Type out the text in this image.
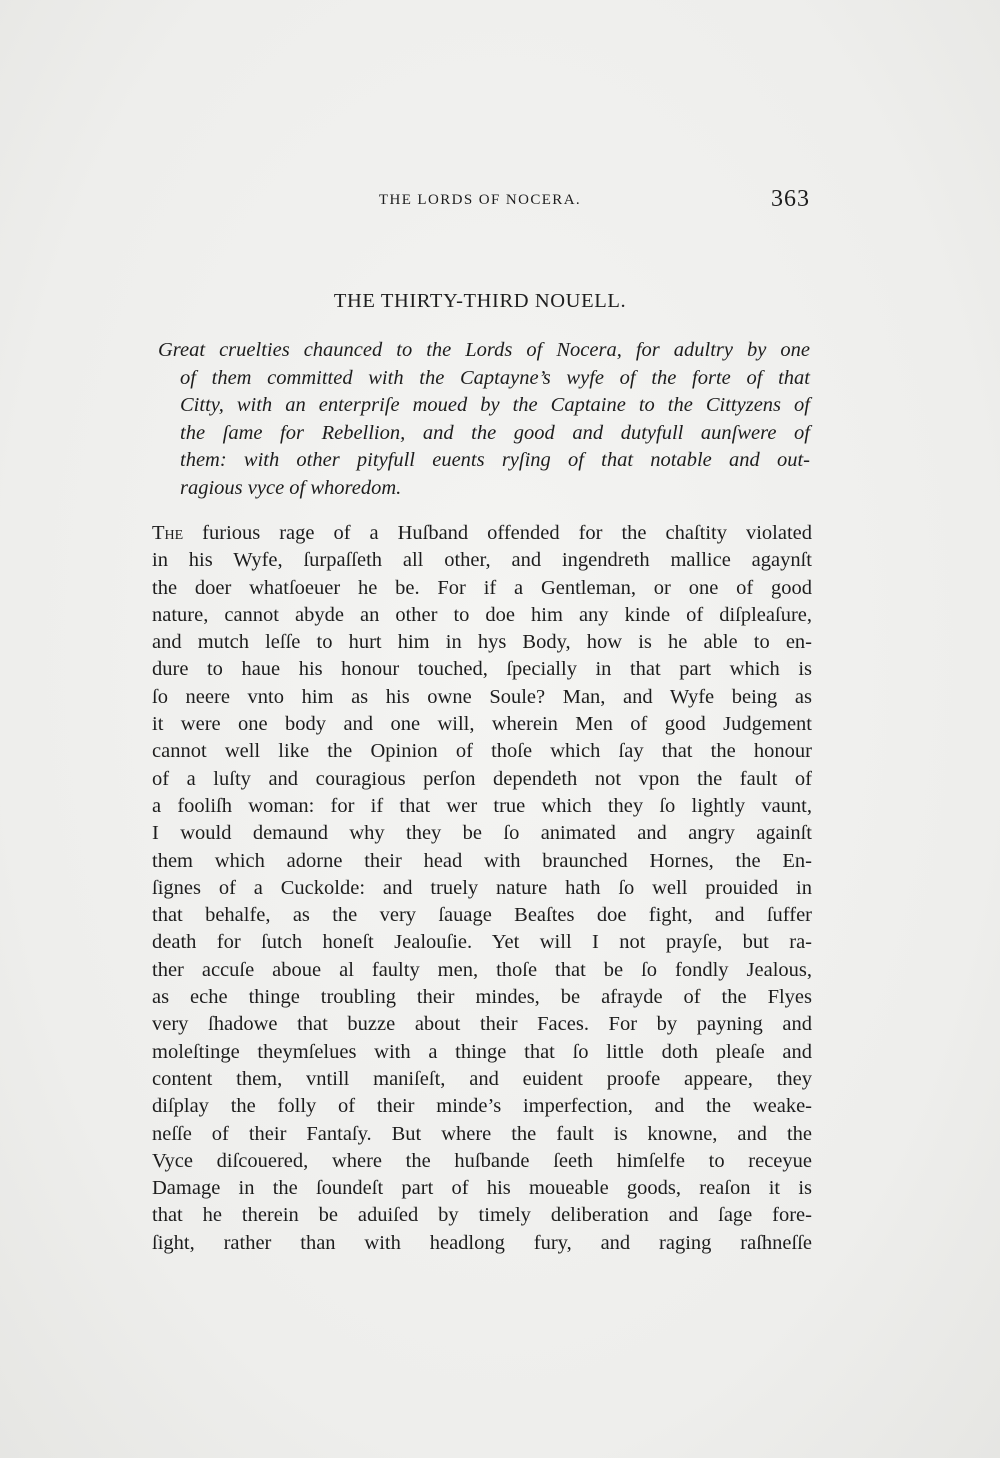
THE LORDS OF NOCERA.	363
THE THIRTY-THIRD NOUELL.
Great cruelties chaunced to the Lords of Nocera, for adultry by one
of them committed with the Captayne’s wyfe of the forte of that
Citty, with an enterpriſe moued by the Captaine to the Cittyzens of
the ſame for Rebellion, and the good and dutyfull aunſwere of
them: with other pityfull euents ryſing of that notable and out-
ragious vyce of whoredom.
The furious rage of a Huſband offended for the chaſtity violated
in his Wyfe, ſurpaſſeth all other, and ingendreth mallice agaynſt
the doer whatſoeuer he be. For if a Gentleman, or one of good
nature, cannot abyde an other to doe him any kinde of diſpleaſure,
and mutch leſſe to hurt him in hys Body, how is he able to en-
dure to haue his honour touched, ſpecially in that part which is
ſo neere vnto him as his owne Soule? Man, and Wyfe being as
it were one body and one will, wherein Men of good Judgement
cannot well like the Opinion of thoſe which ſay that the honour
of a luſty and couragious perſon dependeth not vpon the fault of
a fooliſh woman: for if that wer true which they ſo lightly vaunt,
I would demaund why they be ſo animated and angry againſt
them which adorne their head with braunched Hornes, the En-
ſignes of a Cuckolde: and truely nature hath ſo well prouided in
that behalfe, as the very ſauage Beaſtes doe fight, and ſuffer
death for ſutch honeſt Jealouſie. Yet will I not prayſe, but ra-
ther accuſe aboue al faulty men, thoſe that be ſo fondly Jealous,
as eche thinge troubling their mindes, be afrayde of the Flyes
very ſhadowe that buzze about their Faces. For by payning and
moleſtinge theymſelues with a thinge that ſo little doth pleaſe and
content them, vntill maniſeſt, and euident proofe appeare, they
diſplay the folly of their minde’s imperfection, and the weake-
neſſe of their Fantaſy. But where the fault is knowne, and the
Vyce diſcouered, where the huſbande ſeeth himſelfe to receyue
Damage in the ſoundeſt part of his moueable goods, reaſon it is
that he therein be aduiſed by timely deliberation and ſage fore-
ſight, rather than with headlong fury, and raging raſhneſſe
